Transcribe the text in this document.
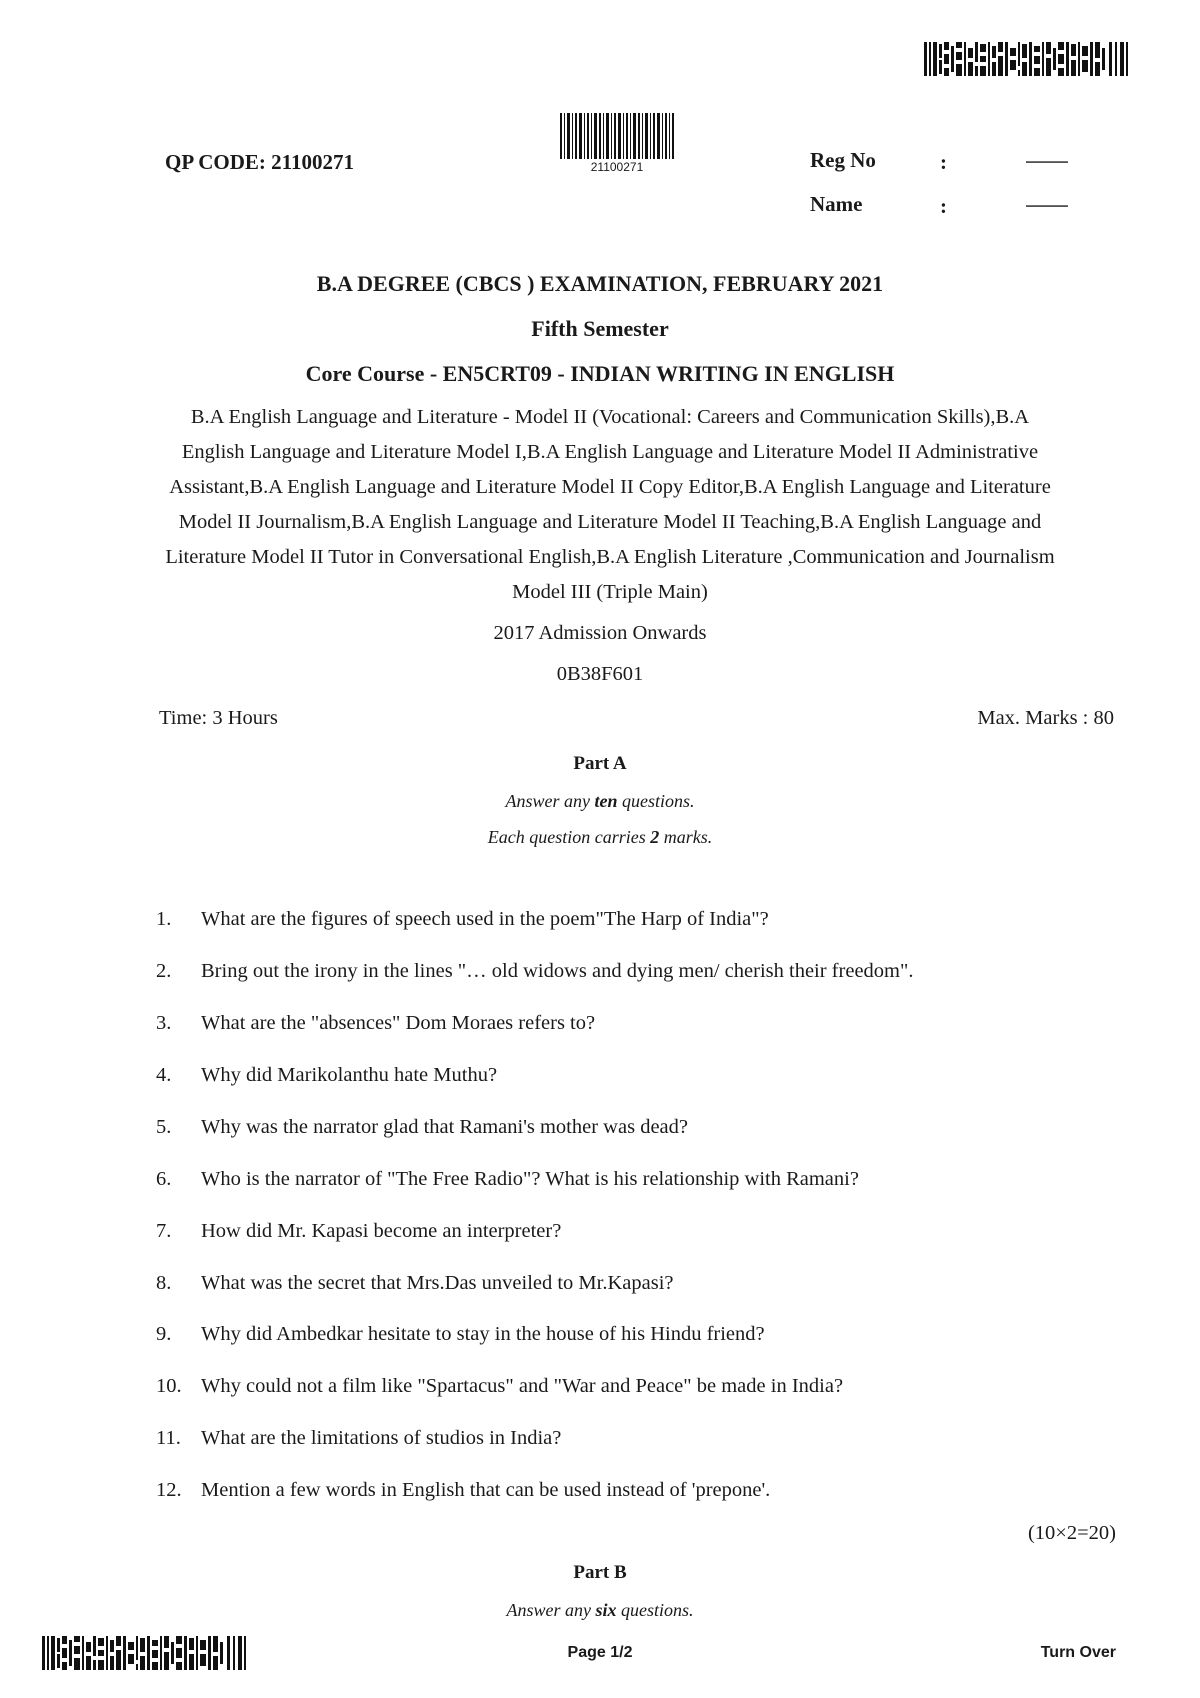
21100271
QP CODE: 21100271	Reg No	:	.....................
Name	:	.....................
B.A DEGREE (CBCS ) EXAMINATION, FEBRUARY 2021
Fifth Semester
Core Course - EN5CRT09 - INDIAN WRITING IN ENGLISH
B.A English Language and Literature - Model II (Vocational: Careers and Communication Skills),B.A
English Language and Literature Model I,B.A English Language and Literature Model II Administrative
Assistant,B.A English Language and Literature Model II Copy Editor,B.A English Language and Literature
Model II Journalism,B.A English Language and Literature Model II Teaching,B.A English Language and
Literature Model II Tutor in Conversational English,B.A English Literature ,Communication and Journalism
Model III (Triple Main)
2017 Admission Onwards
0B38F601
Time: 3 Hours	Max. Marks : 80
Part A
Answer any ten questions.
Each question carries 2 marks.
1.	What are the figures of speech used in the poem"The Harp of India"?
2.	Bring out the irony in the lines "… old widows and dying men/ cherish their freedom".
3.	What are the "absences" Dom Moraes refers to?
4.	Why did Marikolanthu hate Muthu?
5.	Why was the narrator glad that Ramani's mother was dead?
6.	Who is the narrator of "The Free Radio"? What is his relationship with Ramani?
7.	How did Mr. Kapasi become an interpreter?
8.	What was the secret that Mrs.Das unveiled to Mr.Kapasi?
9.	Why did Ambedkar hesitate to stay in the house of his Hindu friend?
10. Why could not a film like "Spartacus" and "War and Peace" be made in India?
11. What are the limitations of studios in India?
12. Mention a few words in English that can be used instead of 'prepone'.
(10×2=20)
Part B
Answer any six questions.
Page 1/2	Turn Over
